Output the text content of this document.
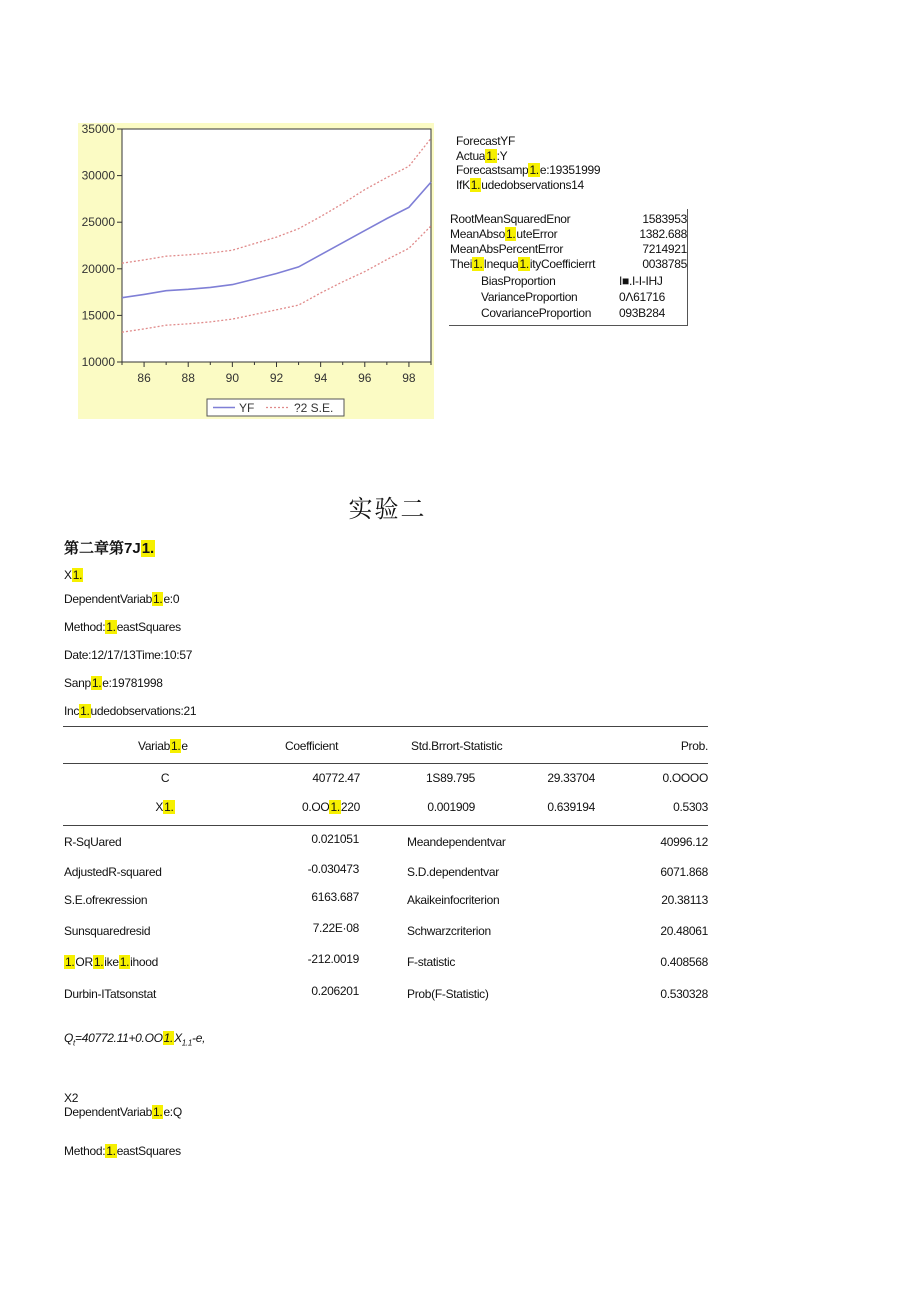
35000
30000
25000
20000
15000
10000
86	88	90	92	94	96	98
YF	?2 S.E.
ForecastYF
Actua1.:Y
Forecastsamp1.e:19351999
IfK1.udedobservations14
RootMeanSquaredEnor	1583953
MeanAbso1.uteError	1382.688
MeanAbsPercentError	7214921
Thei1.Inequa1.ityCoefficierrt	0038785
BiasProportion	I■.I-I-IHJ
VarianceProportion	0Λ61716
CovarianceProportion 093B284
实验二
第二章第7J1.
X1.
DependentVariab1.e:0
Method:1.eastSquares
Date:12/17/13Time:10:57
Sanp1.e:19781998
Inc1.udedobservations:21
Variab1.e	Coefficient	Std.Brrort-Statistic	Prob.
C	40772.47	1S89.795	29.33704	0.OOOO
X1.	0.OO1.220	0.001909	0.639194	0.5303
R-SqUared	0.021051	Meandependentvar	40996.12
AdjustedR-squared	-0.030473	S.D.dependentvar	6071.868
S.E.ofreκression	6163.687	Akaikeinfocriterion	20.38113
Sunsquaredresid	7.22E·08	Schwarzcriterion	20.48061
1.OR1.ike1.ihood	-212.0019	F-statistic	0.408568
Durbin-ITatsonstat	0.206201	Prob(F-Statistic)	0.530328
$Q_t=40772.11+0.OO1.X_{1.1}-e$,
X2
DependentVariab1.e:Q
Method:1.eastSquares
